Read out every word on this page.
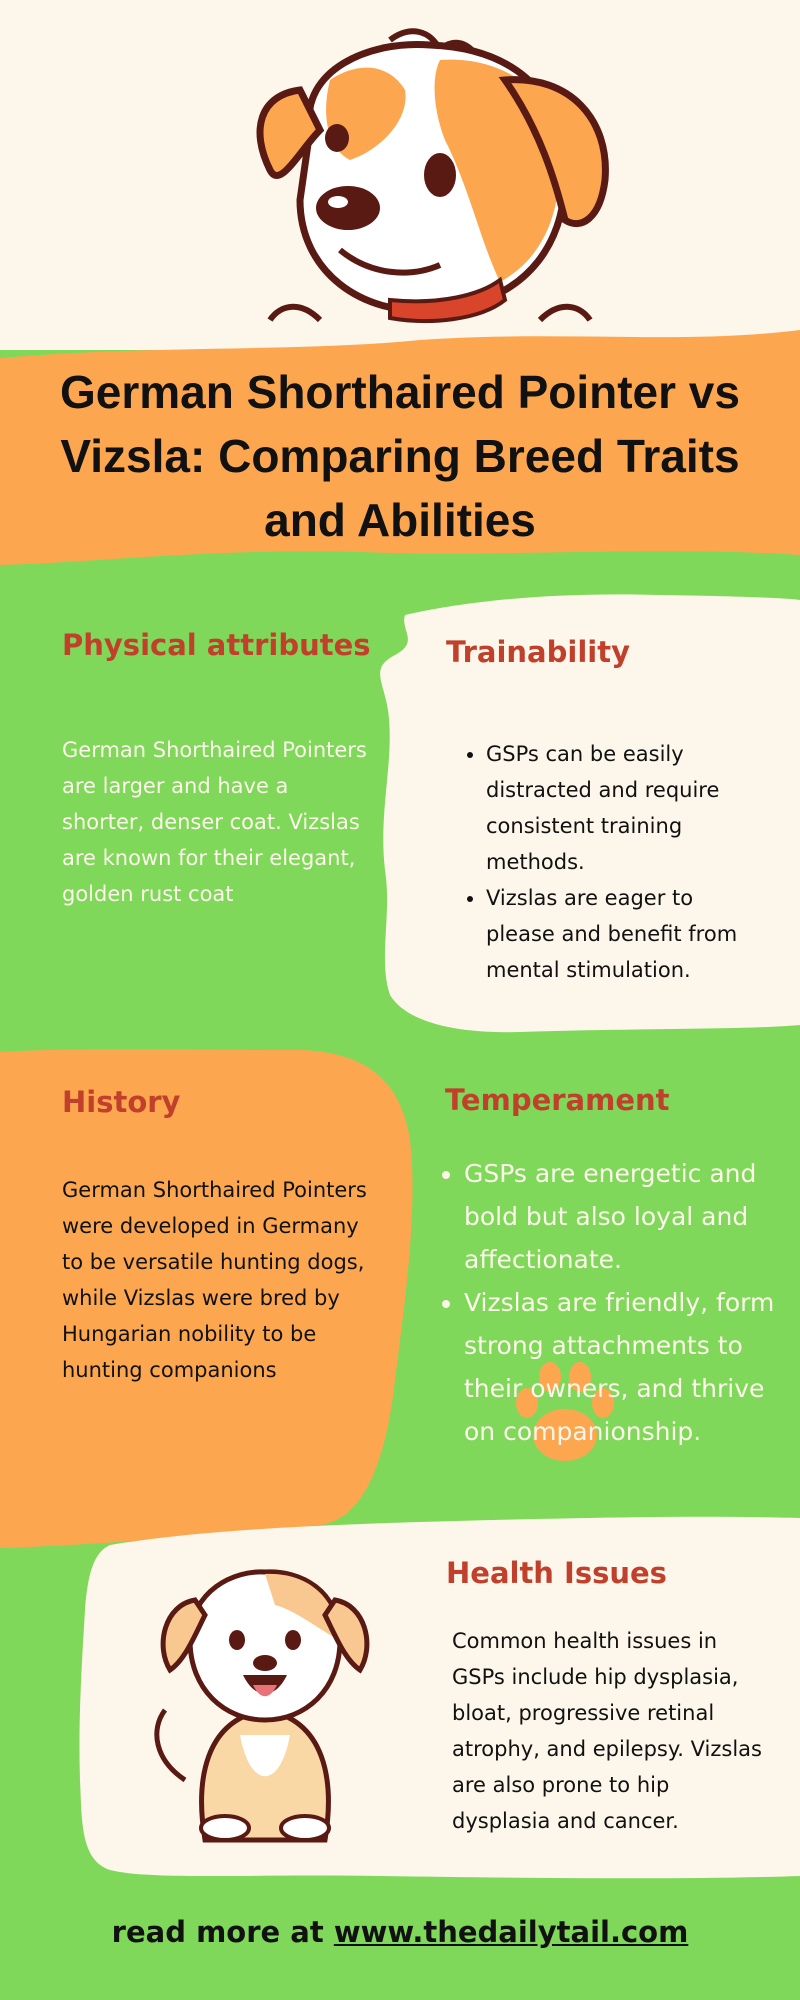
German Shorthaired Pointer vs Vizsla: Comparing Breed Traits and Abilities
Physical attributes
German Shorthaired Pointers are larger and have a shorter, denser coat. Vizslas are known for their elegant, golden rust coat
Trainability
• GSPs can be easily distracted and require consistent training methods.
• Vizslas are eager to please and benefit from mental stimulation.
History
German Shorthaired Pointers were developed in Germany to be versatile hunting dogs, while Vizslas were bred by Hungarian nobility to be hunting companions
Temperament
• GSPs are energetic and bold but also loyal and affectionate.
• Vizslas are friendly, form strong attachments to their owners, and thrive on companionship.
Health Issues
Common health issues in GSPs include hip dysplasia, bloat, progressive retinal atrophy, and epilepsy. Vizslas are also prone to hip dysplasia and cancer.
read more at www.thedailytail.com
